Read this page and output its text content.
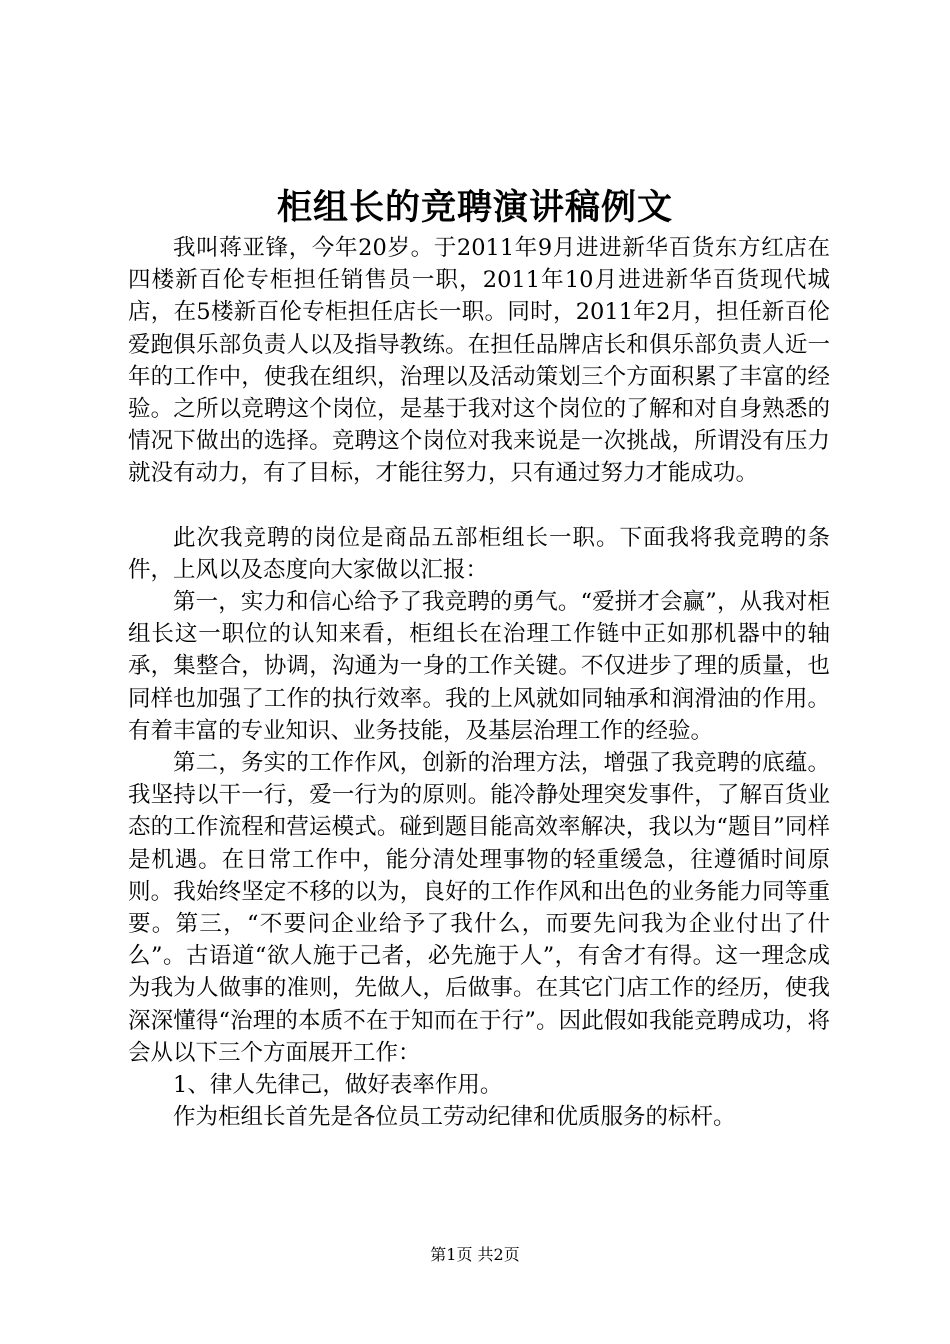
柜组长的竞聘演讲稿例文

我叫蒋亚锋，今年20岁。于2011年9月进进新华百货东方红店在四楼新百伦专柜担任销售员一职，2011年10月进进新华百货现代城店，在5楼新百伦专柜担任店长一职。同时，2011年2月，担任新百伦爱跑俱乐部负责人以及指导教练。在担任品牌店长和俱乐部负责人近一年的工作中，使我在组织，治理以及活动策划三个方面积累了丰富的经验。之所以竞聘这个岗位，是基于我对这个岗位的了解和对自身熟悉的情况下做出的选择。竞聘这个岗位对我来说是一次挑战，所谓没有压力就没有动力，有了目标，才能往努力，只有通过努力才能成功。

此次我竞聘的岗位是商品五部柜组长一职。下面我将我竞聘的条件，上风以及态度向大家做以汇报：

第一，实力和信心给予了我竞聘的勇气。“爱拼才会赢”，从我对柜组长这一职位的认知来看，柜组长在治理工作链中正如那机器中的轴承，集整合，协调，沟通为一身的工作关键。不仅进步了理的质量，也同样也加强了工作的执行效率。我的上风就如同轴承和润滑油的作用。有着丰富的专业知识、业务技能，及基层治理工作的经验。

第二，务实的工作作风，创新的治理方法，增强了我竞聘的底蕴。我坚持以干一行，爱一行为的原则。能冷静处理突发事件，了解百货业态的工作流程和营运模式。碰到题目能高效率解决，我以为“题目”同样是机遇。在日常工作中，能分清处理事物的轻重缓急，往遵循时间原则。我始终坚定不移的以为，良好的工作作风和出色的业务能力同等重要。第三，“不要问企业给予了我什么，而要先问我为企业付出了什么”。古语道“欲人施于己者，必先施于人”，有舍才有得。这一理念成为我为人做事的准则，先做人，后做事。在其它门店工作的经历，使我深深懂得“治理的本质不在于知而在于行”。因此假如我能竞聘成功，将会从以下三个方面展开工作：

1、律人先律己，做好表率作用。

作为柜组长首先是各位员工劳动纪律和优质服务的标杆。

第1页 共2页
